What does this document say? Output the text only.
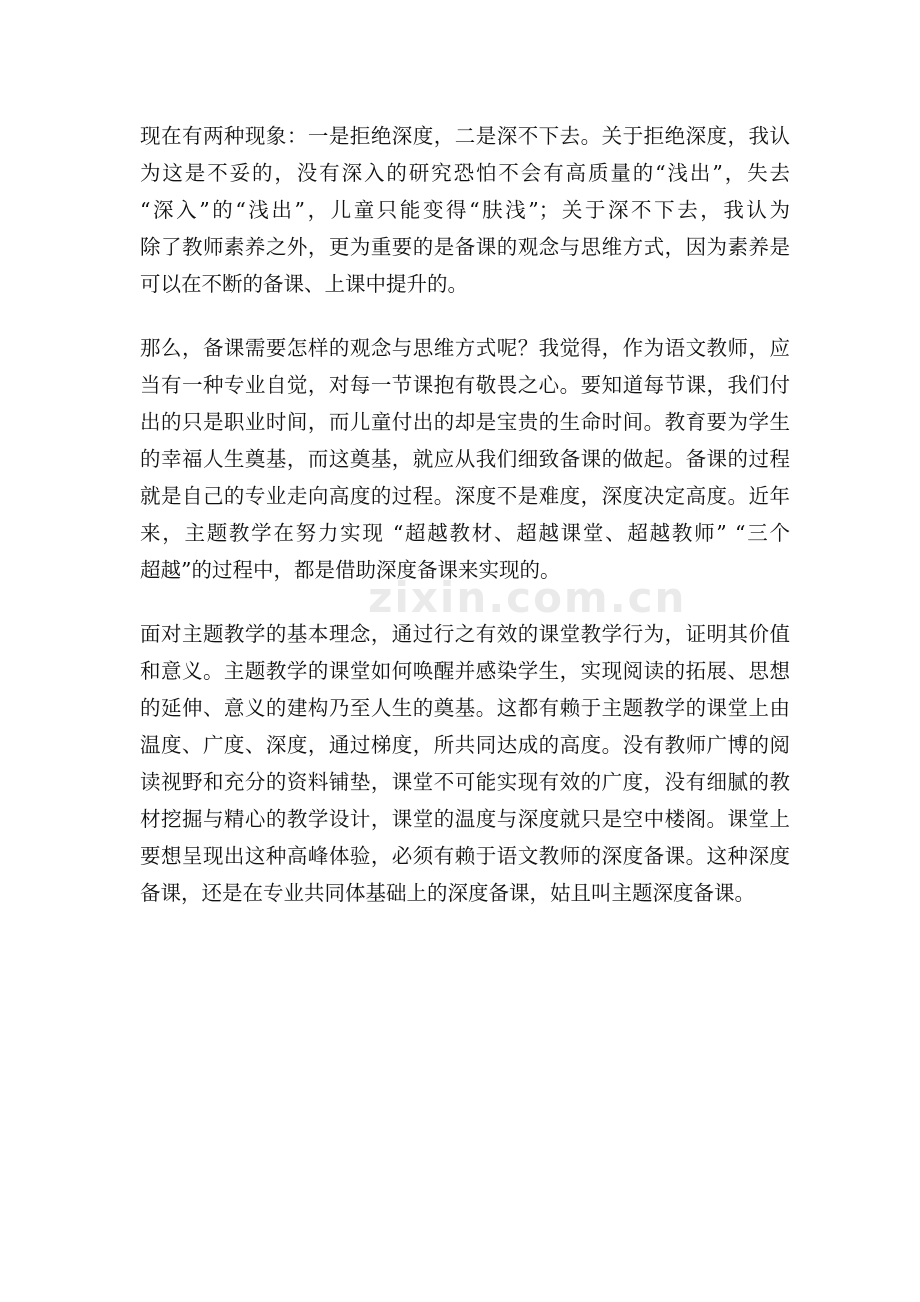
现在有两种现象：一是拒绝深度，二是深不下去。关于拒绝深度，我认
为这是不妥的，没有深入的研究恐怕不会有高质量的“浅出”，失去
“深入”的“浅出”，儿童只能变得“肤浅”；关于深不下去，我认为
除了教师素养之外，更为重要的是备课的观念与思维方式，因为素养是
可以在不断的备课、上课中提升的。

那么，备课需要怎样的观念与思维方式呢？我觉得，作为语文教师，应
当有一种专业自觉，对每一节课抱有敬畏之心。要知道每节课，我们付
出的只是职业时间，而儿童付出的却是宝贵的生命时间。教育要为学生
的幸福人生奠基，而这奠基，就应从我们细致备课的做起。备课的过程
就是自己的专业走向高度的过程。深度不是难度，深度决定高度。近年
来，主题教学在努力实现 “超越教材、超越课堂、超越教师” “三个
超越”的过程中，都是借助深度备课来实现的。

面对主题教学的基本理念，通过行之有效的课堂教学行为，证明其价值
和意义。主题教学的课堂如何唤醒并感染学生，实现阅读的拓展、思想
的延伸、意义的建构乃至人生的奠基。这都有赖于主题教学的课堂上由
温度、广度、深度，通过梯度，所共同达成的高度。没有教师广博的阅
读视野和充分的资料铺垫，课堂不可能实现有效的广度，没有细腻的教
材挖掘与精心的教学设计，课堂的温度与深度就只是空中楼阁。课堂上
要想呈现出这种高峰体验，必须有赖于语文教师的深度备课。这种深度
备课，还是在专业共同体基础上的深度备课，姑且叫主题深度备课。

zixin.com.cn
